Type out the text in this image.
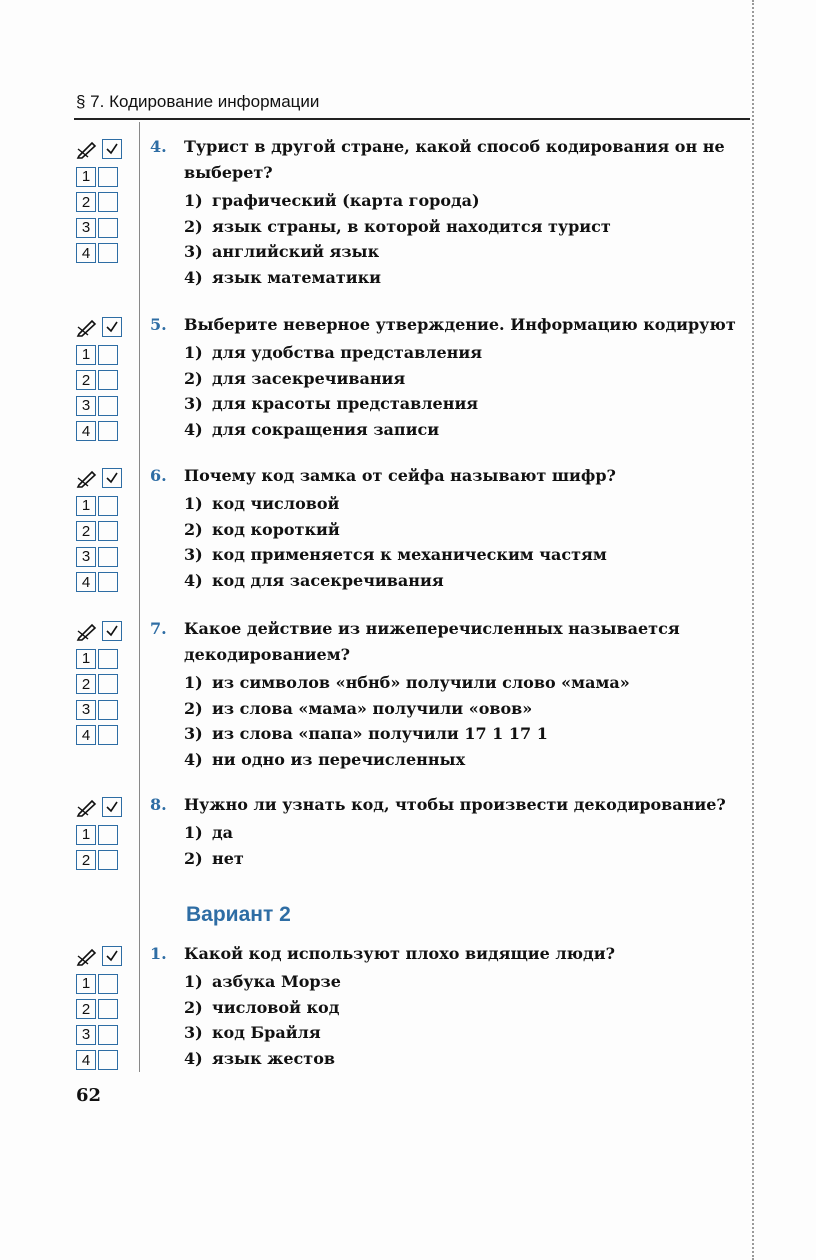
§ 7. Кодирование информации
1
2
3
4
4.	Турист в другой стране, какой способ кодирования он не выберет?
1) графический (карта города)
2) язык страны, в которой находится турист
3) английский язык
4) язык математики
1
2
3
4
5.	Выберите неверное утверждение. Информацию кодируют
1) для удобства представления
2) для засекречивания
3) для красоты представления
4) для сокращения записи
1
2
3
4
6.	Почему код замка от сейфа называют шифр?
1) код числовой
2) код короткий
3) код применяется к механическим частям
4) код для засекречивания
1
2
3
4
7.	Какое действие из нижеперечисленных называется декодированием?
1) из символов «нбнб» получили слово «мама»
2) из слова «мама» получили «овов»
3) из слова «папа» получили 17 1 17 1
4) ни одно из перечисленных
1
2
8.	Нужно ли узнать код, чтобы произвести декодирование?
1) да
2) нет
Вариант 2
1
2
3
4
1.	Какой код используют плохо видящие люди?
1) азбука Морзе
2) числовой код
3) код Брайля
4) язык жестов
62
